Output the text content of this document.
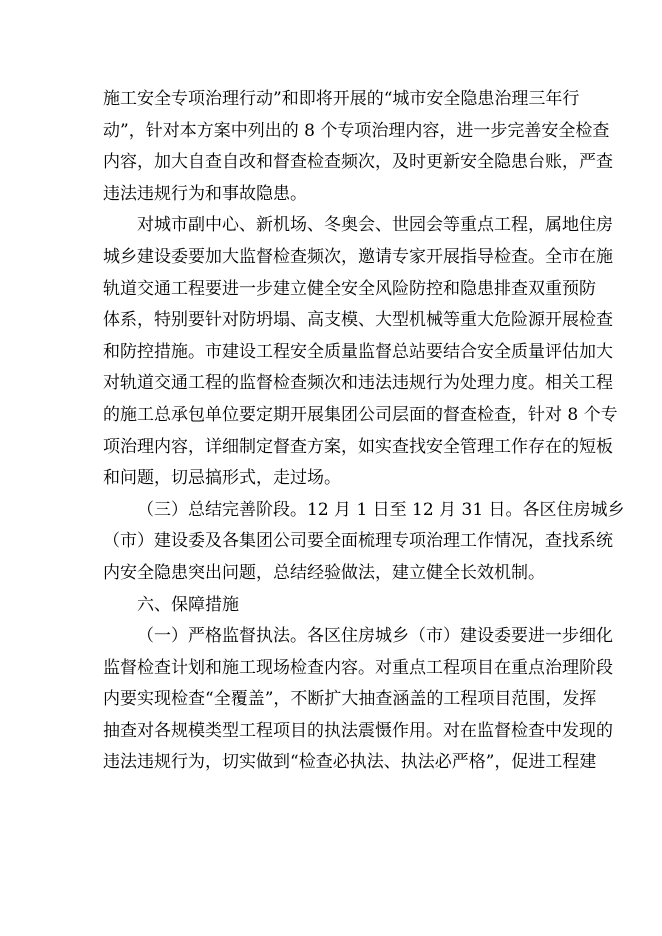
施工安全专项治理行动”和即将开展的“城市安全隐患治理三年行
动”，针对本方案中列出的 8 个专项治理内容，进一步完善安全检查
内容，加大自查自改和督查检查频次，及时更新安全隐患台账，严查
违法违规行为和事故隐患。
对城市副中心、新机场、冬奥会、世园会等重点工程，属地住房
城乡建设委要加大监督检查频次，邀请专家开展指导检查。全市在施
轨道交通工程要进一步建立健全安全风险防控和隐患排查双重预防
体系，特别要针对防坍塌、高支模、大型机械等重大危险源开展检查
和防控措施。市建设工程安全质量监督总站要结合安全质量评估加大
对轨道交通工程的监督检查频次和违法违规行为处理力度。相关工程
的施工总承包单位要定期开展集团公司层面的督查检查，针对 8 个专
项治理内容，详细制定督查方案，如实查找安全管理工作存在的短板
和问题，切忌搞形式，走过场。
（三）总结完善阶段。12 月 1 日至 12 月 31 日。各区住房城乡
（市）建设委及各集团公司要全面梳理专项治理工作情况，查找系统
内安全隐患突出问题，总结经验做法，建立健全长效机制。
六、保障措施
（一）严格监督执法。各区住房城乡（市）建设委要进一步细化
监督检查计划和施工现场检查内容。对重点工程项目在重点治理阶段
内要实现检查“全覆盖”，不断扩大抽查涵盖的工程项目范围，发挥
抽查对各规模类型工程项目的执法震慑作用。对在监督检查中发现的
违法违规行为，切实做到“检查必执法、执法必严格”，促进工程建
